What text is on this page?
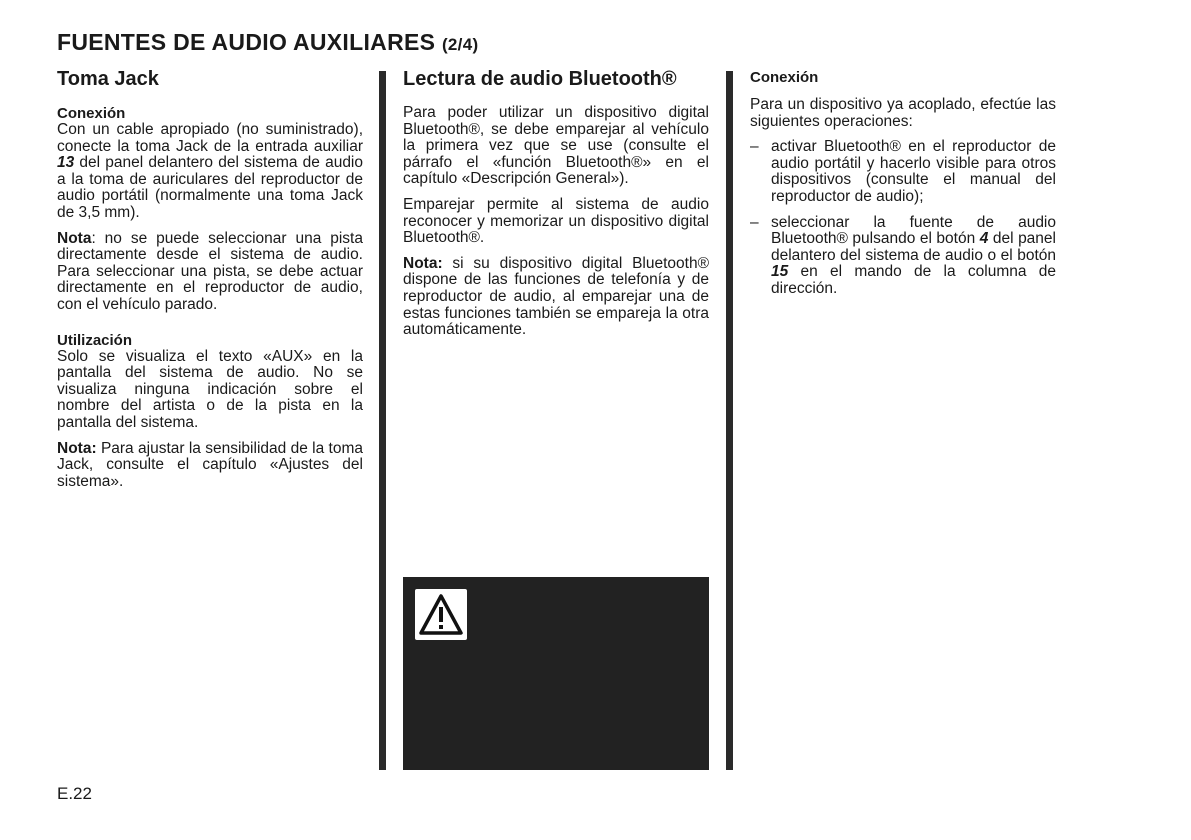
FUENTES DE AUDIO AUXILIARES (2/4)
Toma Jack
Conexión

Con un cable apropiado (no suministrado), conecte la toma Jack de la entrada auxiliar 13 del panel delantero del sistema de audio a la toma de auriculares del reproductor de audio portátil (normalmente una toma Jack de 3,5 mm).

Nota: no se puede seleccionar una pista directamente desde el sistema de audio. Para seleccionar una pista, se debe actuar directamente en el reproductor de audio, con el vehículo parado.

Utilización

Solo se visualiza el texto «AUX» en la pantalla del sistema de audio. No se visualiza ninguna indicación sobre el nombre del artista o de la pista en la pantalla del sistema.

Nota: Para ajustar la sensibilidad de la toma Jack, consulte el capítulo «Ajustes del sistema».

Lectura de audio Bluetooth®

Para poder utilizar un dispositivo digital Bluetooth®, se debe emparejar al vehículo la primera vez que se use (consulte el párrafo el «función Bluetooth®» en el capítulo «Descripción General»).

Emparejar permite al sistema de audio reconocer y memorizar un dispositivo digital Bluetooth®.

Nota: si su dispositivo digital Bluetooth® dispone de las funciones de telefonía y de reproductor de audio, al emparejar una de estas funciones también se empareja la otra automáticamente.

Conexión

Para un dispositivo ya acoplado, efectúe las siguientes operaciones:

– activar Bluetooth® en el reproductor de audio portátil y hacerlo visible para otros dispositivos (consulte el manual del reproductor de audio);
– seleccionar la fuente de audio Bluetooth® pulsando el botón 4 del panel delantero del sistema de audio o el botón 15 en el mando de la columna de dirección.
E.22
